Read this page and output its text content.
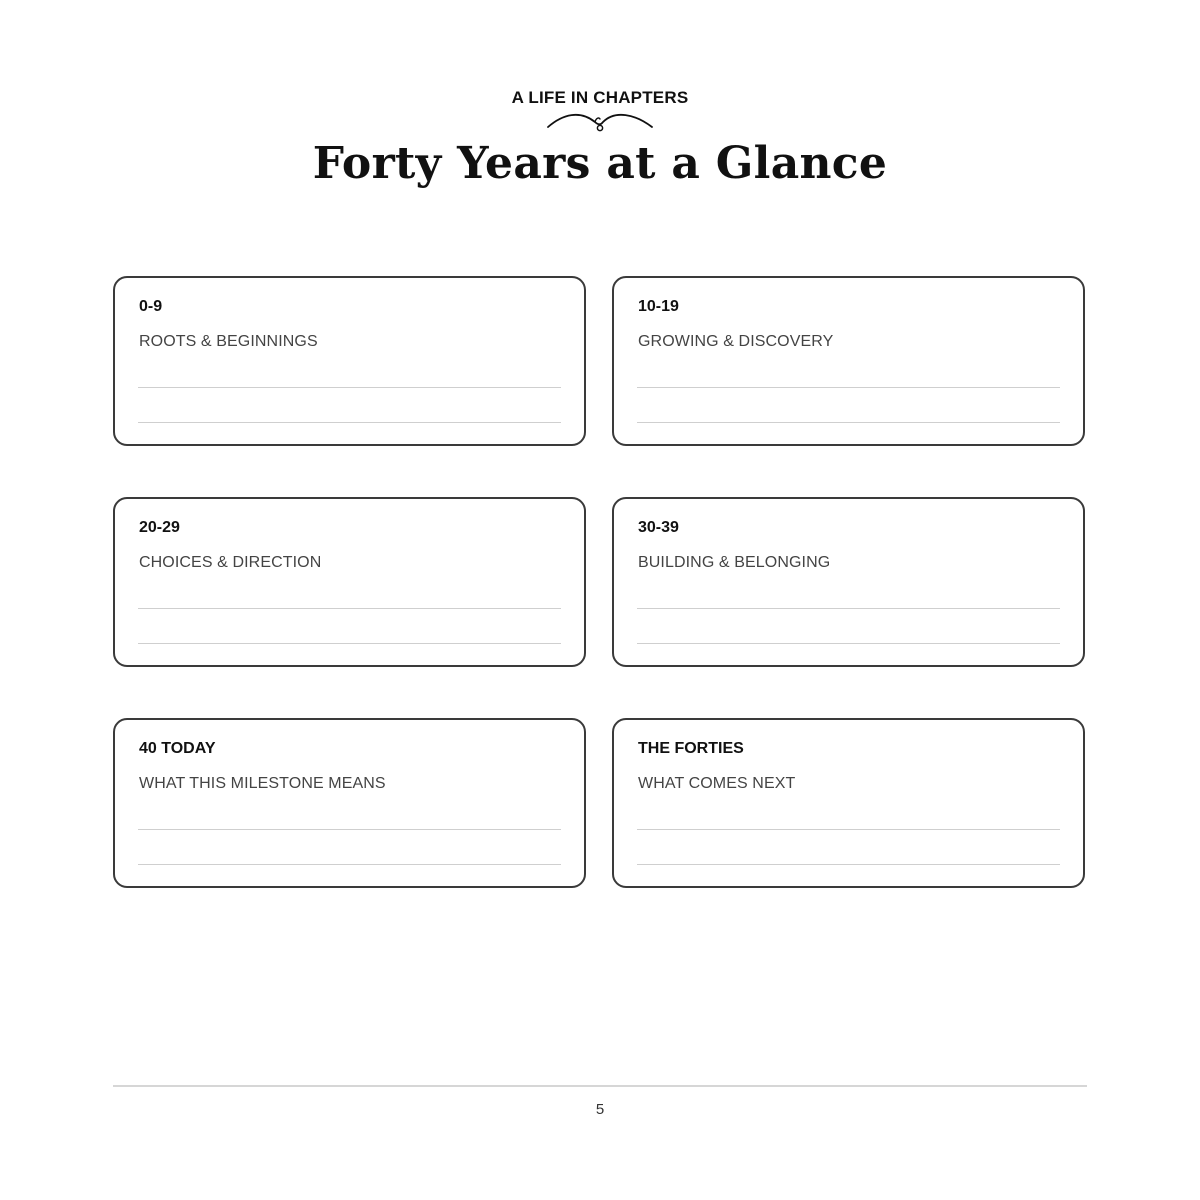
A LIFE IN CHAPTERS
Forty Years at a Glance
0-9
ROOTS & BEGINNINGS
10-19
GROWING & DISCOVERY
20-29
CHOICES & DIRECTION
30-39
BUILDING & BELONGING
40 TODAY
WHAT THIS MILESTONE MEANS
THE FORTIES
WHAT COMES NEXT
5
